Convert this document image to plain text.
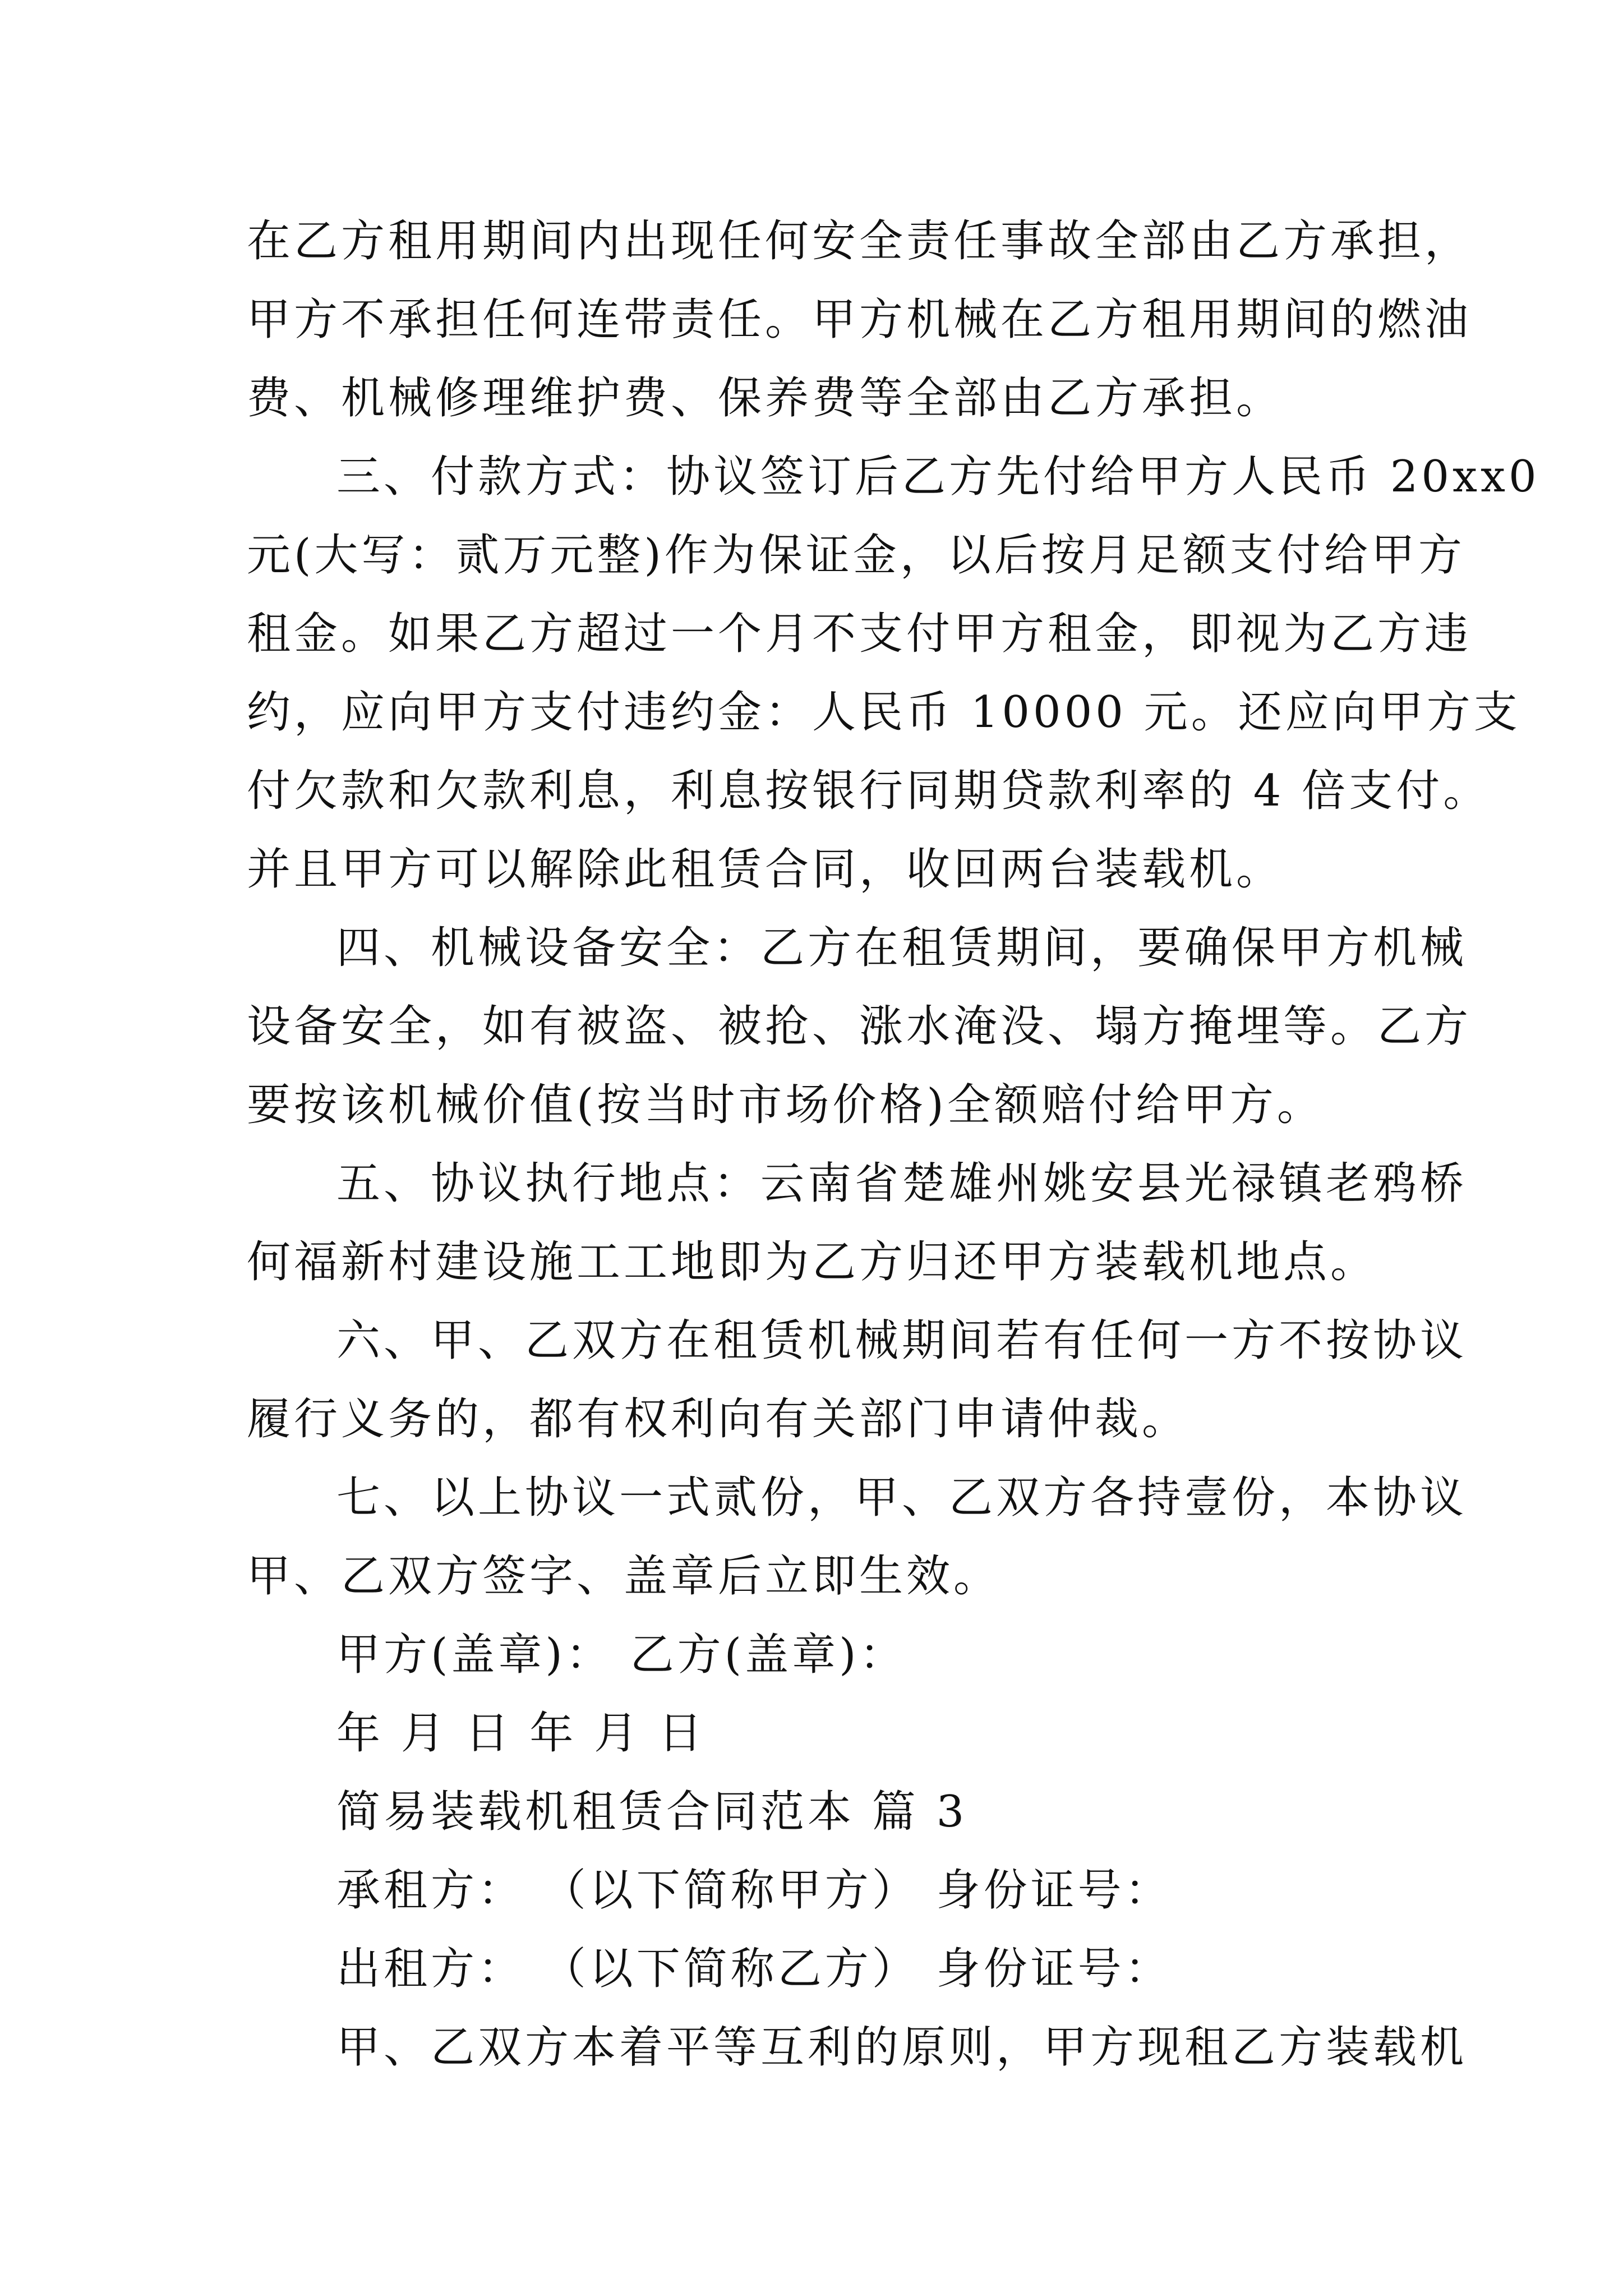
在乙方租用期间内出现任何安全责任事故全部由乙方承担，

甲方不承担任何连带责任。甲方机械在乙方租用期间的燃油

费、机械修理维护费、保养费等全部由乙方承担。

三、付款方式：协议签订后乙方先付给甲方人民币 20xx0

元(大写：贰万元整)作为保证金，以后按月足额支付给甲方

租金。如果乙方超过一个月不支付甲方租金，即视为乙方违

约，应向甲方支付违约金：人民币 10000 元。还应向甲方支

付欠款和欠款利息，利息按银行同期贷款利率的 4 倍支付。

并且甲方可以解除此租赁合同，收回两台装载机。

四、机械设备安全：乙方在租赁期间，要确保甲方机械

设备安全，如有被盗、被抢、涨水淹没、塌方掩埋等。乙方

要按该机械价值(按当时市场价格)全额赔付给甲方。

五、协议执行地点：云南省楚雄州姚安县光禄镇老鸦桥

何福新村建设施工工地即为乙方归还甲方装载机地点。

六、甲、乙双方在租赁机械期间若有任何一方不按协议

履行义务的，都有权利向有关部门申请仲裁。

七、以上协议一式贰份，甲、乙双方各持壹份，本协议

甲、乙双方签字、盖章后立即生效。

甲方(盖章)： 乙方(盖章)：

年 月 日 年 月 日

简易装载机租赁合同范本 篇 3

承租方： （以下简称甲方） 身份证号：

出租方： （以下简称乙方） 身份证号：

甲、乙双方本着平等互利的原则，甲方现租乙方装载机
